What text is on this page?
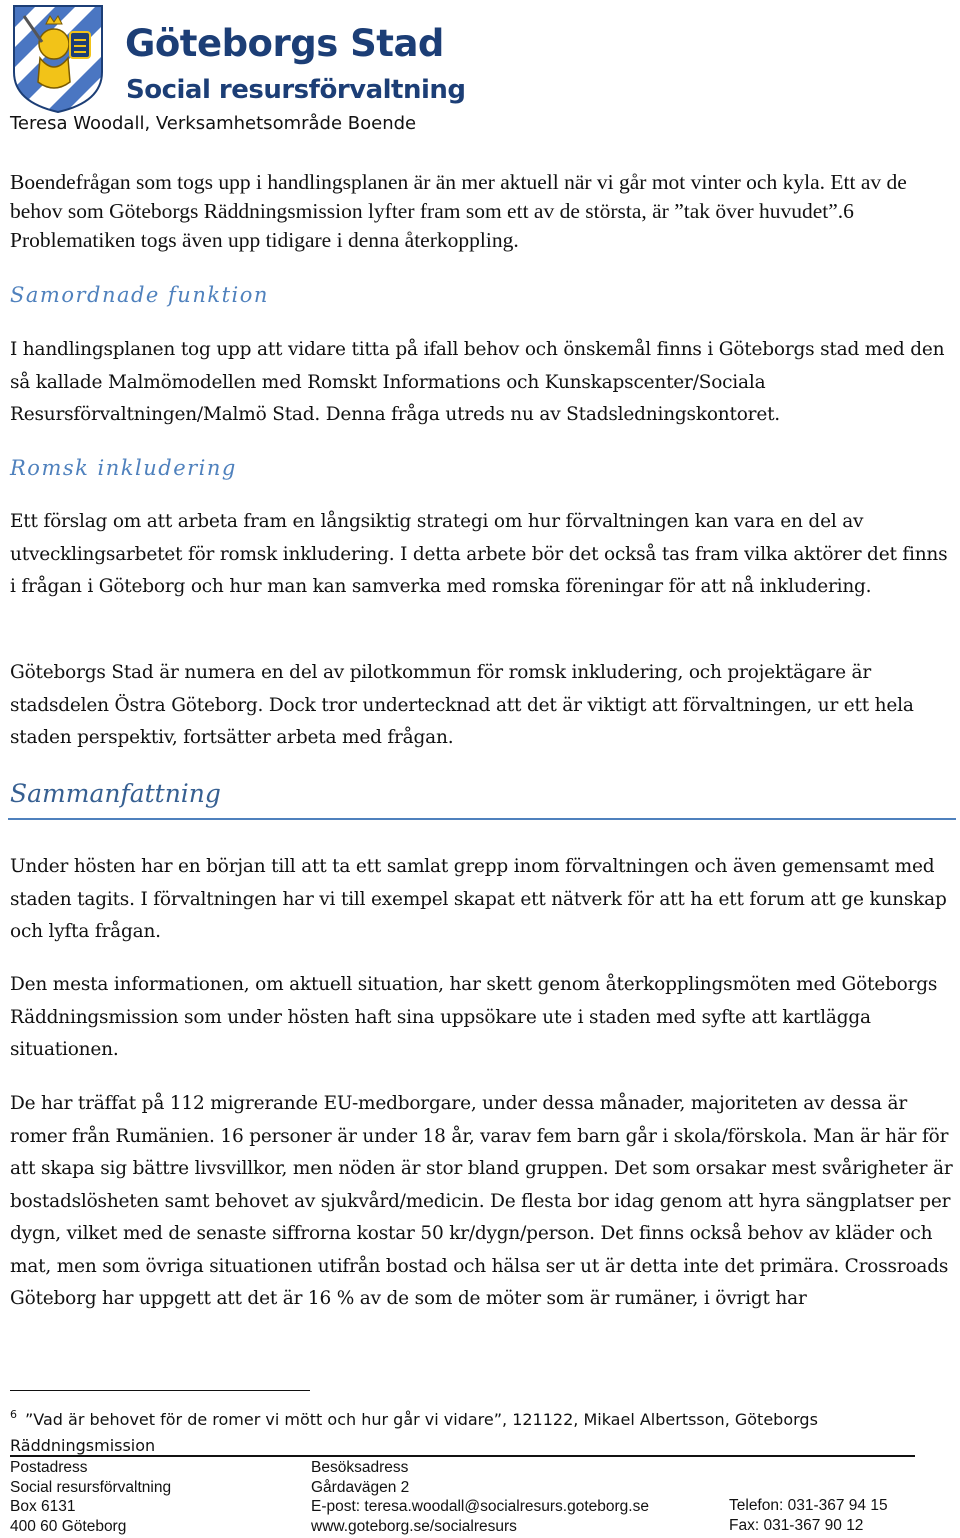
Göteborgs Stad
Social resursförvaltning
Teresa Woodall, Verksamhetsområde Boende
Boendefrågan som togs upp i handlingsplanen är än mer aktuell när vi går mot vinter och kyla. Ett av de behov som Göteborgs Räddningsmission lyfter fram som ett av de största, är ”tak över huvudet”.6 Problematiken togs även upp tidigare i denna återkoppling.
Samordnade funktion
I handlingsplanen tog upp att vidare titta på ifall behov och önskemål finns i Göteborgs stad med den så kallade Malmömodellen med Romskt Informations och Kunskapscenter/Sociala Resursförvaltningen/Malmö Stad. Denna fråga utreds nu av Stadsledningskontoret.
Romsk inkludering
Ett förslag om att arbeta fram en långsiktig strategi om hur förvaltningen kan vara en del av utvecklingsarbetet för romsk inkludering. I detta arbete bör det också tas fram vilka aktörer det finns i frågan i Göteborg och hur man kan samverka med romska föreningar för att nå inkludering.
Göteborgs Stad är numera en del av pilotkommun för romsk inkludering, och projektägare är stadsdelen Östra Göteborg. Dock tror undertecknad att det är viktigt att förvaltningen, ur ett hela staden perspektiv, fortsätter arbeta med frågan.
Sammanfattning
Under hösten har en början till att ta ett samlat grepp inom förvaltningen och även gemensamt med staden tagits. I förvaltningen har vi till exempel skapat ett nätverk för att ha ett forum att ge kunskap och lyfta frågan.
Den mesta informationen, om aktuell situation, har skett genom återkopplingsmöten med Göteborgs Räddningsmission som under hösten haft sina uppsökare ute i staden med syfte att kartlägga situationen.
De har träffat på 112 migrerande EU-medborgare, under dessa månader, majoriteten av dessa är romer från Rumänien. 16 personer är under 18 år, varav fem barn går i skola/förskola. Man är här för att skapa sig bättre livsvillkor, men nöden är stor bland gruppen. Det som orsakar mest svårigheter är bostadslösheten samt behovet av sjukvård/medicin. De flesta bor idag genom att hyra sängplatser per dygn, vilket med de senaste siffrorna kostar 50 kr/dygn/person. Det finns också behov av kläder och mat, men som övriga situationen utifrån bostad och hälsa ser ut är detta inte det primära. Crossroads Göteborg har uppgett att det är 16 % av de som de möter som är rumäner, i övrigt har
$^6$ ”Vad är behovet för de romer vi mött och hur går vi vidare”, 121122, Mikael Albertsson, Göteborgs Räddningsmission
Postadress
Social resursförvaltning
Box 6131
400 60 Göteborg
Besöksadress
Gårdavägen 2
E-post: teresa.woodall@socialresurs.goteborg.se
www.goteborg.se/socialresurs
Telefon: 031-367 94 15
Fax: 031-367 90 12
